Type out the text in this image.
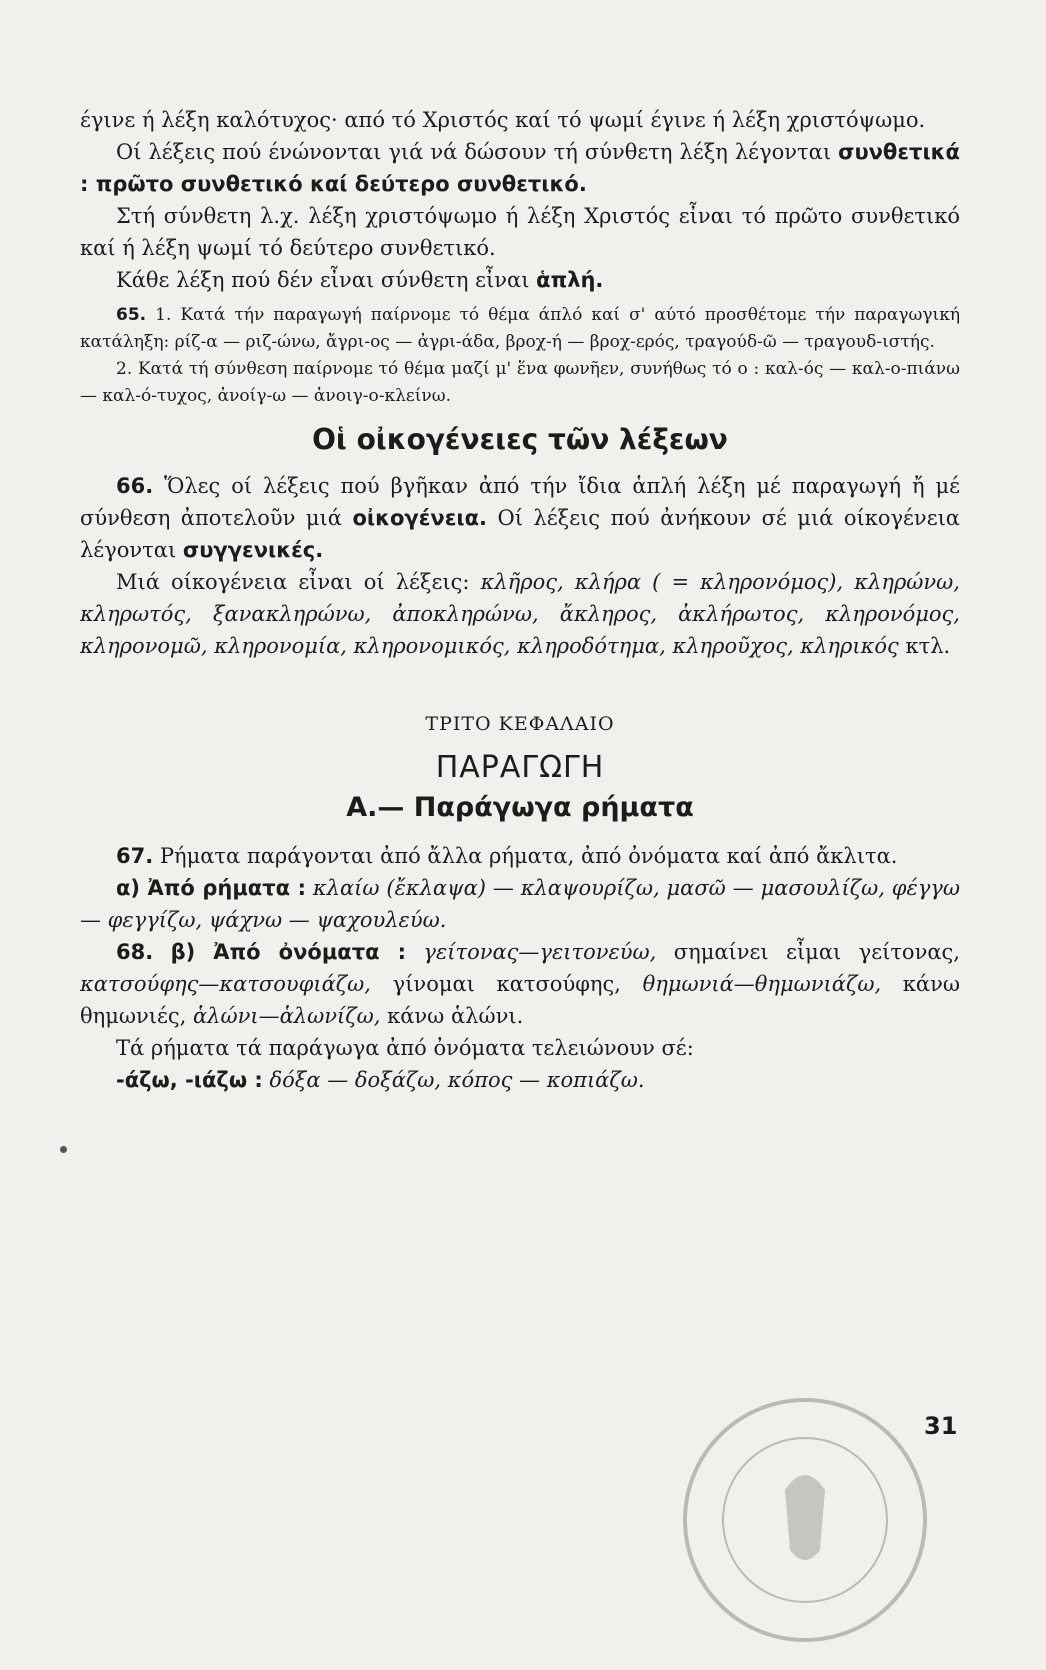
έγινε ή λέξη καλότυχος· από τό Χριστός καί τό ψωμί έγινε ή λέξη χριστόψωμο.

Οί λέξεις πού ένώνονται γιά νά δώσουν τή σύνθετη λέξη λέγονται συνθετικά : πρῶτο συνθετικό καί δεύτερο συνθετικό.

Στή σύνθετη λ.χ. λέξη χριστόψωμο ή λέξη Χριστός εἶναι τό πρῶτο συνθετικό καί ή λέξη ψωμί τό δεύτερο συνθετικό.

Κάθε λέξη πού δέν εἶναι σύνθετη εἶναι ἁπλή.

65. 1. Κατά τήν παραγωγή παίρνομε τό θέμα άπλό καί σ' αύτό προσθέτομε τήν παραγωγική κατάληξη: ρίζ-α — ριζ-ώνω, ἄγρι-ος — ἀγρι-άδα, βροχ-ή — βροχ-ερός, τραγούδ-ῶ — τραγουδ-ιστής.

2. Κατά τή σύνθεση παίρνομε τό θέμα μαζί μ' ἕνα φωνῆεν, συνήθως τό ο : καλ-ός — καλ-ο-πιάνω — καλ-ό-τυχος, ἀνοίγ-ω — ἀνοιγ-ο-κλείνω.

Οἱ οἰκογένειες τῶν λέξεων

66. Ὅλες οί λέξεις πού βγῆκαν ἀπό τήν ἴδια ἁπλή λέξη μέ παραγωγή ἤ μέ σύνθεση ἀποτελοῦν μιά οἰκογένεια. Οί λέξεις πού ἀνήκουν σέ μιά οίκογένεια λέγονται συγγενικές.

Μιά οίκογένεια εἶναι οί λέξεις: κλῆρος, κλήρα ( = κληρονόμος), κληρώνω, κληρωτός, ξανακληρώνω, ἀποκληρώνω, ἄκληρος, ἀκλήρωτος, κληρονόμος, κληρονομῶ, κληρονομία, κληρονομικός, κληροδότημα, κληροῦχος, κληρικός κτλ.

ΤΡΙΤΟ ΚΕΦΑΛΑΙΟ
ΠΑΡΑΓΩΓΗ
Α.— Παράγωγα ρήματα

67. Ρήματα παράγονται ἀπό ἄλλα ρήματα, ἀπό ὀνόματα καί ἀπό ἄκλιτα.

α) Ἀπό ρήματα : κλαίω (ἔκλαψα) — κλαψουρίζω, μασῶ — μασουλίζω, φέγγω — φεγγίζω, ψάχνω — ψαχουλεύω.

68. β) Ἀπό ὀνόματα : γείτονας—γειτονεύω, σημαίνει εἶμαι γείτονας, κατσούφης—κατσουφιάζω, γίνομαι κατσούφης, θημωνιά—θημωνιάζω, κάνω θημωνιές, ἁλώνι—ἁλωνίζω, κάνω ἁλώνι.

Τά ρήματα τά παράγωγα ἀπό ὀνόματα τελειώνουν σέ:

-άζω, -ιάζω : δόξα — δοξάζω, κόπος — κοπιάζω.

31
